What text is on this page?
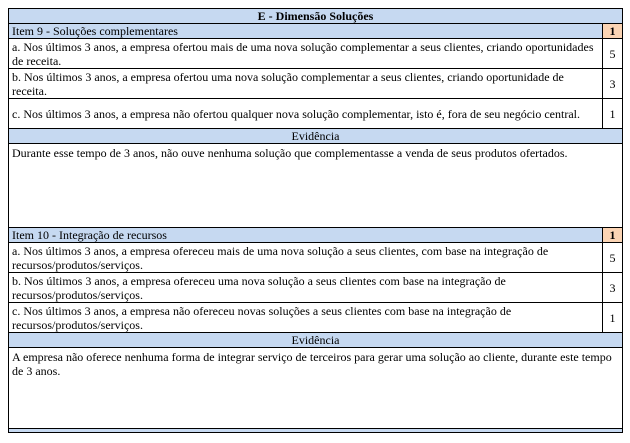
E - Dimensão Soluções	
Item 9 - Soluções complementares	1
a. Nos últimos 3 anos, a empresa ofertou mais de uma nova solução complementar a seus clientes, criando oportunidades de receita.	5
b. Nos últimos 3 anos, a empresa ofertou uma nova solução complementar a seus clientes, criando oportunidade de receita.	3
c. Nos últimos 3 anos, a empresa não ofertou qualquer nova solução complementar, isto é, fora de seu negócio central.	1
Evidência	
Durante esse tempo de 3 anos, não ouve nenhuma solução que complementasse a venda de seus produtos ofertados.	
Item 10 - Integração de recursos	1
a. Nos últimos 3 anos, a empresa ofereceu mais de uma nova solução a seus clientes, com base na integração de recursos/produtos/serviços.	5
b. Nos últimos 3 anos, a empresa ofereceu uma nova solução a seus clientes com base na integração de recursos/produtos/serviços.	3
c. Nos últimos 3 anos, a empresa não ofereceu novas soluções a seus clientes com base na integração de recursos/produtos/serviços.	1
Evidência	
A empresa não oferece nenhuma forma de integrar serviço de terceiros para gerar uma solução ao cliente, durante este tempo de 3 anos.	
